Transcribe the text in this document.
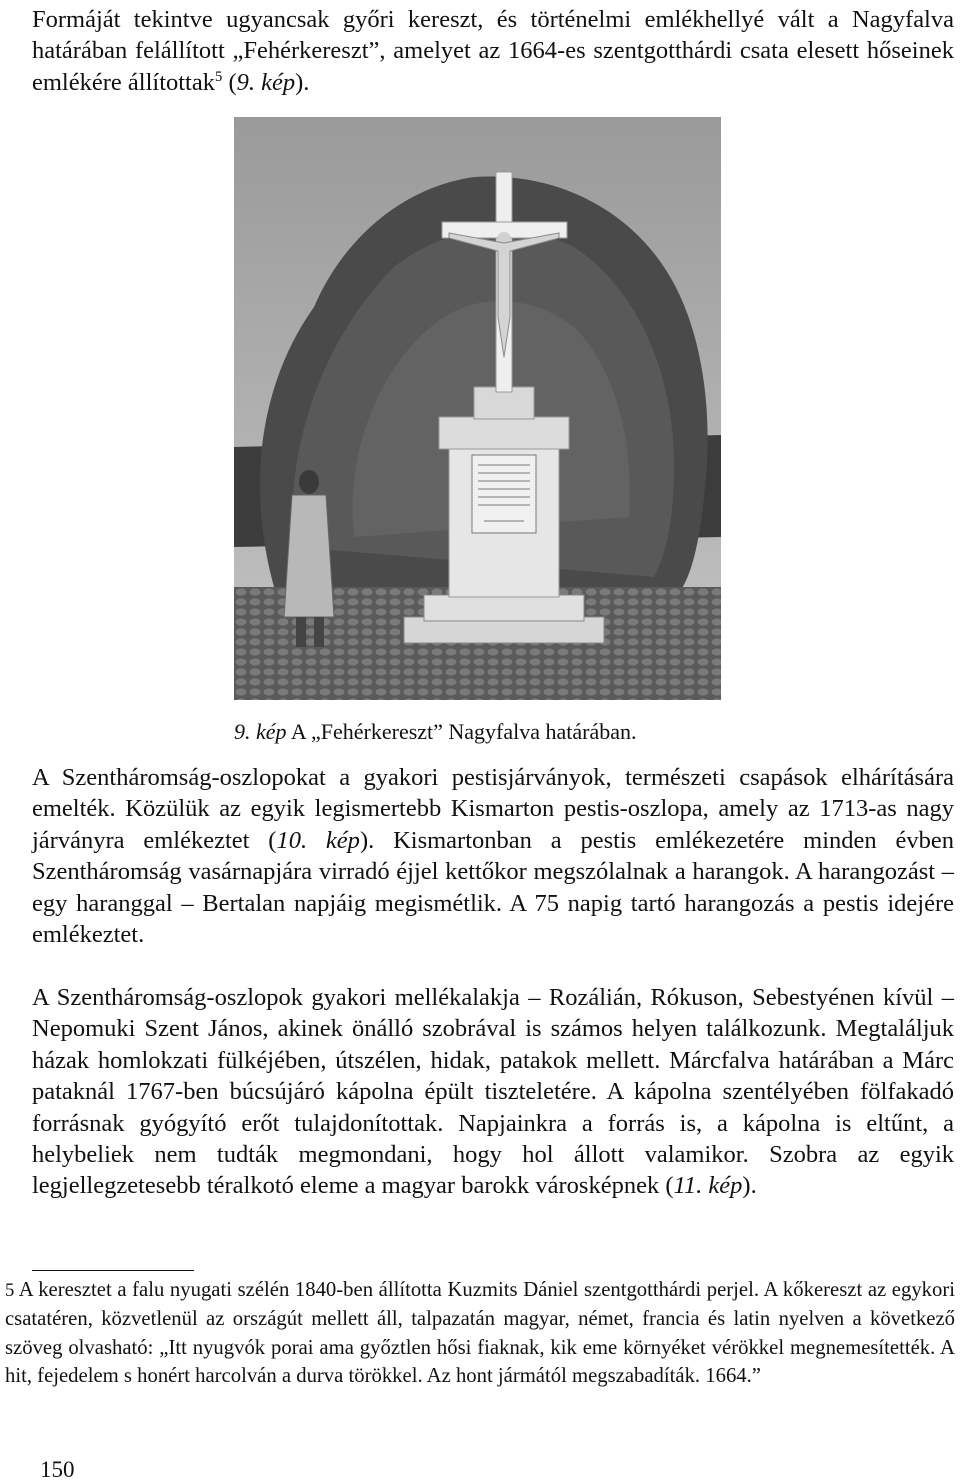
Formáját tekintve ugyancsak győri kereszt, és történelmi emlékhellyé vált a Nagyfalva határában felállított „Fehérkereszt”, amelyet az 1664-es szentgotthárdi csata elesett hőseinek emlékére állítottak$^5$ (9. kép).

9. kép A „Fehérkereszt” Nagyfalva határában.

A Szentháromság-oszlopokat a gyakori pestisjárványok, természeti csapások elhárítására emelték. Közülük az egyik legismertebb Kismarton pestis-oszlopa, amely az 1713-as nagy járványra emlékeztet (10. kép). Kismartonban a pestis emlékezetére minden évben Szentháromság vasárnapjára virradó éjjel kettőkor megszólalnak a harangok. A harangozást – egy haranggal – Bertalan napjáig megismétlik. A 75 napig tartó harangozás a pestis idejére emlékeztet.

A Szentháromság-oszlopok gyakori mellékalakja – Rozálián, Rókuson, Sebestyénen kívül – Nepomuki Szent János, akinek önálló szobrával is számos helyen találkozunk. Megtaláljuk házak homlokzati fülkéjében, útszélen, hidak, patakok mellett. Márcfalva határában a Márc pataknál 1767-ben búcsújáró kápolna épült tiszteletére. A kápolna szentélyében fölfakadó forrásnak gyógyító erőt tulajdonítottak. Napjainkra a forrás is, a kápolna is eltűnt, a helybeliek nem tudták megmondani, hogy hol állott valamikor. Szobra az egyik legjellegzetesebb téralkotó eleme a magyar barokk városképnek (11. kép).

5 A keresztet a falu nyugati szélén 1840-ben állította Kuzmits Dániel szentgotthárdi perjel. A kőkereszt az egykori csatatéren, közvetlenül az országút mellett áll, talpazatán magyar, német, francia és latin nyelven a következő szöveg olvasható: „Itt nyugvók porai ama győztlen hősi fiaknak, kik eme környéket vérökkel megnemesítették. A hit, fejedelem s honért harcolván a durva törökkel. Az hont jármától megszabadíták. 1664.”

150
